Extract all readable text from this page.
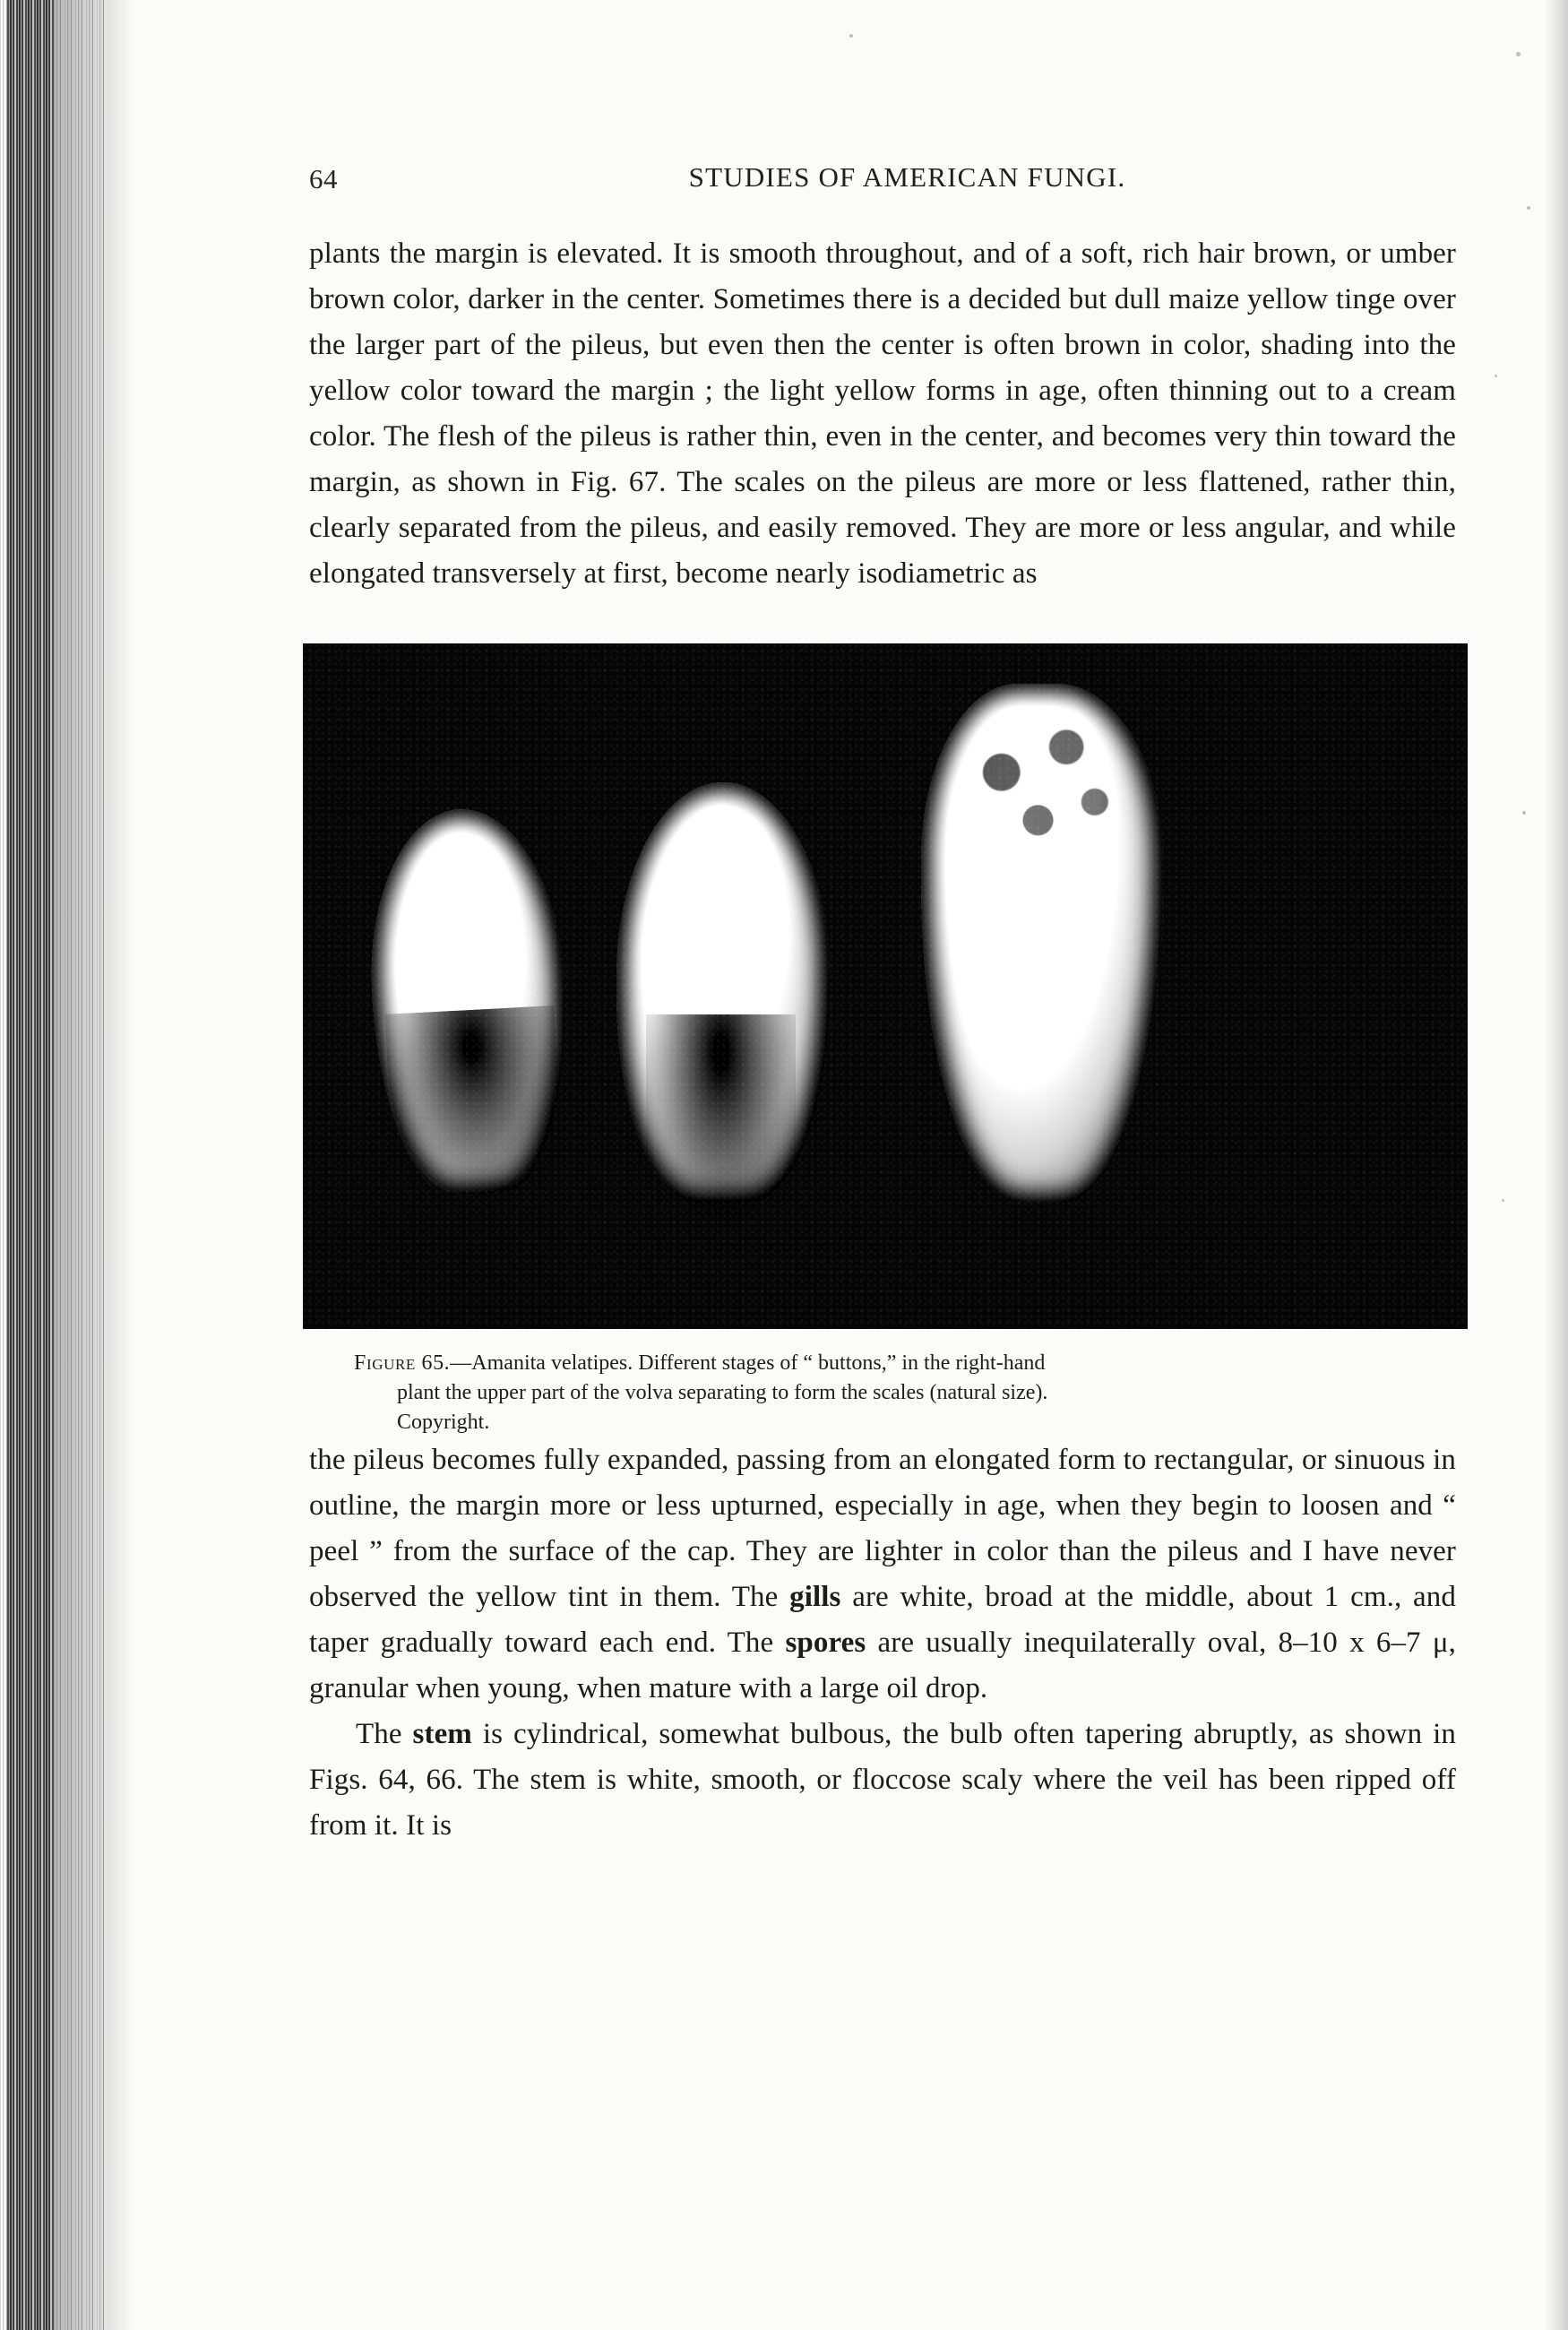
64	STUDIES OF AMERICAN FUNGI.

plants the margin is elevated. It is smooth throughout, and of a soft, rich hair brown, or umber brown color, darker in the center. Sometimes there is a decided but dull maize yellow tinge over the larger part of the pileus, but even then the center is often brown in color, shading into the yellow color toward the margin ; the light yellow forms in age, often thinning out to a cream color. The flesh of the pileus is rather thin, even in the center, and becomes very thin toward the margin, as shown in Fig. 67. The scales on the pileus are more or less flattened, rather thin, clearly separated from the pileus, and easily removed. They are more or less angular, and while elongated transversely at first, become nearly isodiametric as

Figure 65.—Amanita velatipes. Different stages of “ buttons,” in the right-hand
plant the upper part of the volva separating to form the scales (natural size).
Copyright.

the pileus becomes fully expanded, passing from an elongated form to rectangular, or sinuous in outline, the margin more or less upturned, especially in age, when they begin to loosen and “ peel ” from the surface of the cap. They are lighter in color than the pileus and I have never observed the yellow tint in them. The gills are white, broad at the middle, about 1 cm., and taper gradually toward each end. The spores are usually inequilaterally oval, 8–10 x 6–7 μ, granular when young, when mature with a large oil drop.

The stem is cylindrical, somewhat bulbous, the bulb often tapering abruptly, as shown in Figs. 64, 66. The stem is white, smooth, or floccose scaly where the veil has been ripped off from it. It is
